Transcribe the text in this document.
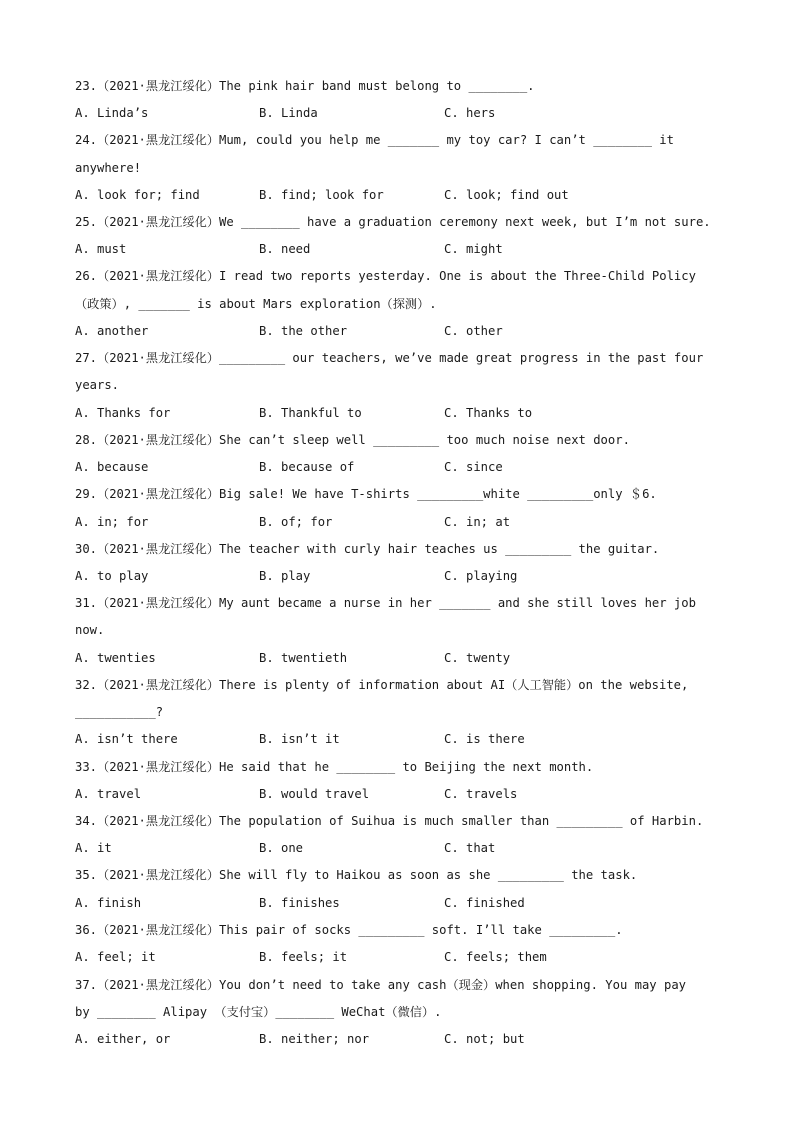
23.（2021·黑龙江绥化）The pink hair band must belong to ________.
A. Linda’s	B. Linda	C. hers
24.（2021·黑龙江绥化）Mum, could you help me _______ my toy car? I can’t ________ it
anywhere!
A. look for; find	B. find; look for	C. look; find out
25.（2021·黑龙江绥化）We ________ have a graduation ceremony next week, but I’m not sure.
A. must	B. need	C. might
26.（2021·黑龙江绥化）I read two reports yesterday. One is about the Three-Child Policy
（政策）, _______ is about Mars exploration（探测）.
A. another	B. the other	C. other
27.（2021·黑龙江绥化）_________ our teachers, we’ve made great progress in the past four
years.
A. Thanks for	B. Thankful to	C. Thanks to
28.（2021·黑龙江绥化）She can’t sleep well _________ too much noise next door.
A. because	B. because of	C. since
29.（2021·黑龙江绥化）Big sale! We have T-shirts _________white _________only ＄6.
A. in; for	B. of; for	C. in; at
30.（2021·黑龙江绥化）The teacher with curly hair teaches us _________ the guitar.
A. to play	B. play	C. playing
31.（2021·黑龙江绥化）My aunt became a nurse in her _______ and she still loves her job
now.
A. twenties	B. twentieth	C. twenty
32.（2021·黑龙江绥化）There is plenty of information about AI（人工智能）on the website,
___________?
A. isn’t there	B. isn’t it	C. is there
33.（2021·黑龙江绥化）He said that he ________ to Beijing the next month.
A. travel	B. would travel	C. travels
34.（2021·黑龙江绥化）The population of Suihua is much smaller than _________ of Harbin.
A. it	B. one	C. that
35.（2021·黑龙江绥化）She will fly to Haikou as soon as she _________ the task.
A. finish	B. finishes	C. finished
36.（2021·黑龙江绥化）This pair of socks _________ soft. I’ll take _________.
A. feel; it	B. feels; it	C. feels; them
37.（2021·黑龙江绥化）You don’t need to take any cash（现金）when shopping. You may pay
by ________ Alipay （支付宝）________ WeChat（微信）.
A. either, or	B. neither; nor	C. not; but
